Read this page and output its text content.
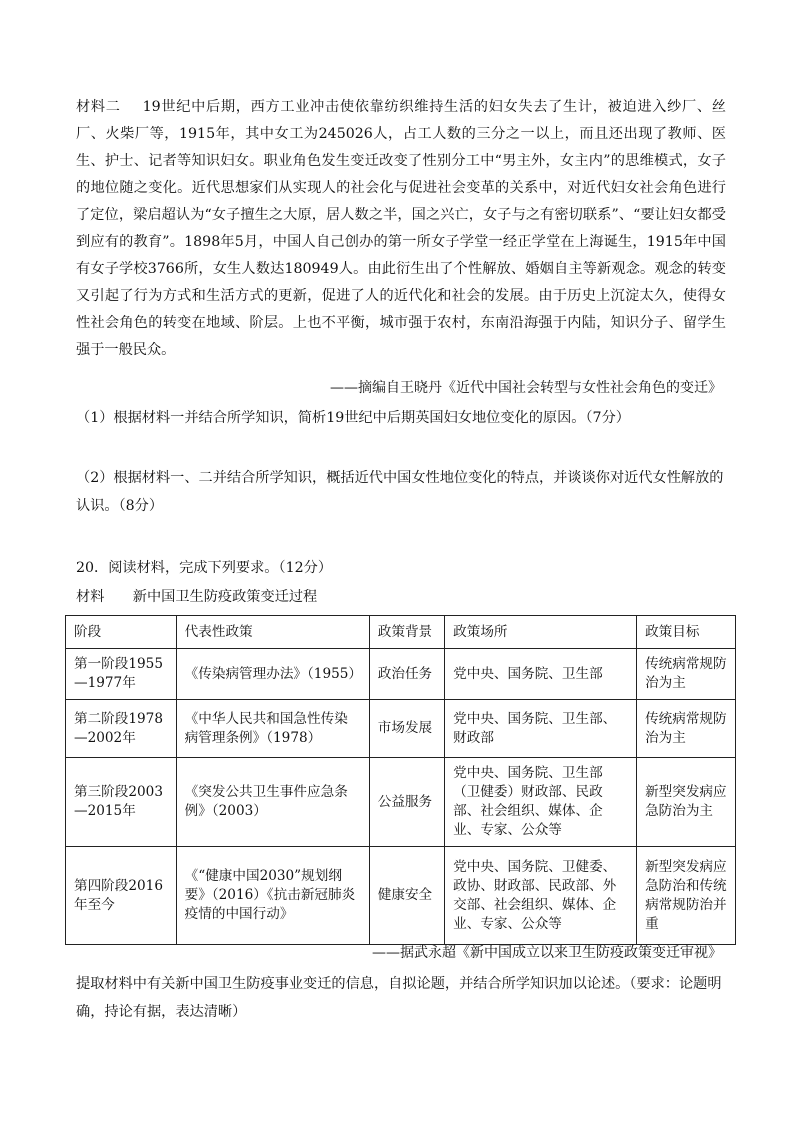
材料二 19世纪中后期，西方工业冲击使依靠纺织维持生活的妇女失去了生计，被迫进入纱厂、丝厂、火柴厂等，1915年，其中女工为245026人，占工人数的三分之一以上，而且还出现了教师、医生、护士、记者等知识妇女。职业角色发生变迁改变了性别分工中“男主外，女主内”的思维模式，女子的地位随之变化。近代思想家们从实现人的社会化与促进社会变革的关系中，对近代妇女社会角色进行了定位，梁启超认为“女子擅生之大原，居人数之半，国之兴亡，女子与之有密切联系”、“要让妇女都受到应有的教育”。1898年5月，中国人自己创办的第一所女子学堂一经正学堂在上海诞生，1915年中国有女子学校3766所，女生人数达180949人。由此衍生出了个性解放、婚姻自主等新观念。观念的转变又引起了行为方式和生活方式的更新，促进了人的近代化和社会的发展。由于历史上沉淀太久，使得女性社会角色的转变在地域、阶层。上也不平衡，城市强于农村，东南沿海强于内陆，知识分子、留学生强于一般民众。

——摘编自王晓丹《近代中国社会转型与女性社会角色的变迁》

（1）根据材料一并结合所学知识，简析19世纪中后期英国妇女地位变化的原因。（7分）

（2）根据材料一、二并结合所学知识，概括近代中国女性地位变化的特点，并谈谈你对近代女性解放的认识。（8分）

20．阅读材料，完成下列要求。（12分）

材料　　新中国卫生防疫政策变迁过程

阶段	代表性政策	政策背景	政策场所	政策目标
第一阶段1955—1977年	《传染病管理办法》（1955）	政治任务	党中央、国务院、卫生部	传统病常规防治为主
第二阶段1978—2002年	《中华人民共和国急性传染病管理条例》（1978）	市场发展	党中央、国务院、卫生部、财政部	传统病常规防治为主
第三阶段2003—2015年	《突发公共卫生事件应急条例》（2003）	公益服务	党中央、国务院、卫生部（卫健委）财政部、民政部、社会组织、媒体、企业、专家、公众等	新型突发病应急防治为主
第四阶段2016年至今	《“健康中国2030”规划纲要》（2016）《抗击新冠肺炎疫情的中国行动》	健康安全	党中央、国务院、卫健委、政协、財政部、民政部、外交部、社会组织、媒体、企业、专家、公众等	新型突发病应急防治和传统病常规防治并重
——据武永超《新中国成立以来卫生防疫政策变迁审视》

提取材料中有关新中国卫生防疫事业变迁的信息，自拟论题，并结合所学知识加以论述。（要求：论题明确，持论有据，表达清晰）
